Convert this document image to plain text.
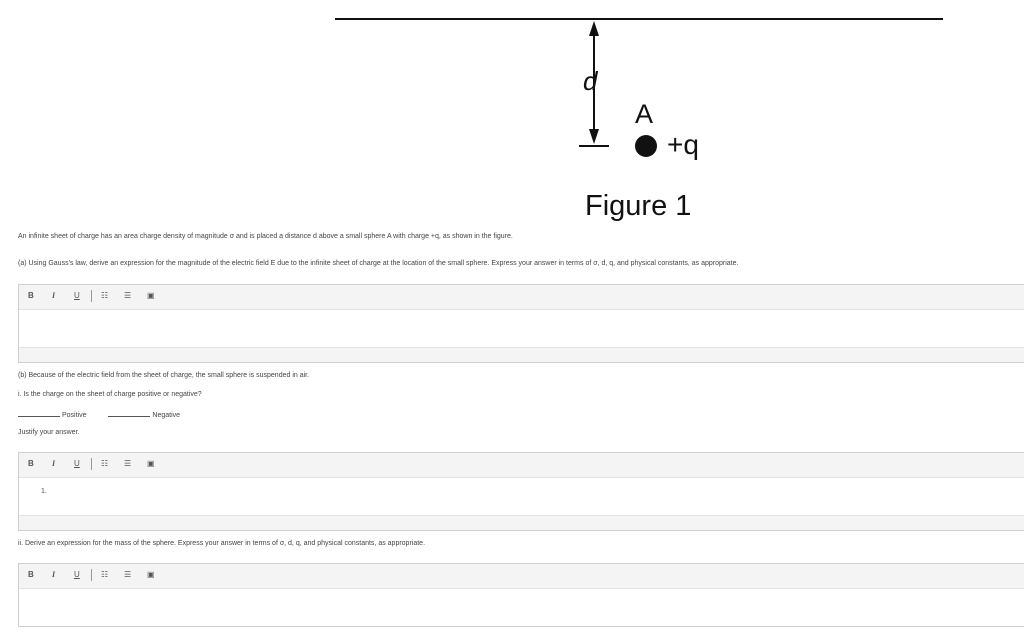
d
A
+q
Figure 1
An infinite sheet of charge has an area charge density of magnitude σ and is placed a distance d above a small sphere A with charge +q, as shown in the figure.
(a) Using Gauss's law, derive an expression for the magnitude of the electric field E due to the infinite sheet of charge at the location of the small sphere. Express your answer in terms of σ, d, q, and physical constants, as appropriate.
B I U	☷ ☰ ▣
(b) Because of the electric field from the sheet of charge, the small sphere is suspended in air.
i. Is the charge on the sheet of charge positive or negative?
Positive	Negative
Justify your answer.
B I U	☷ ☰ ▣
1.
ii. Derive an expression for the mass of the sphere. Express your answer in terms of σ, d, q, and physical constants, as appropriate.
B I U	☷ ☰ ▣
